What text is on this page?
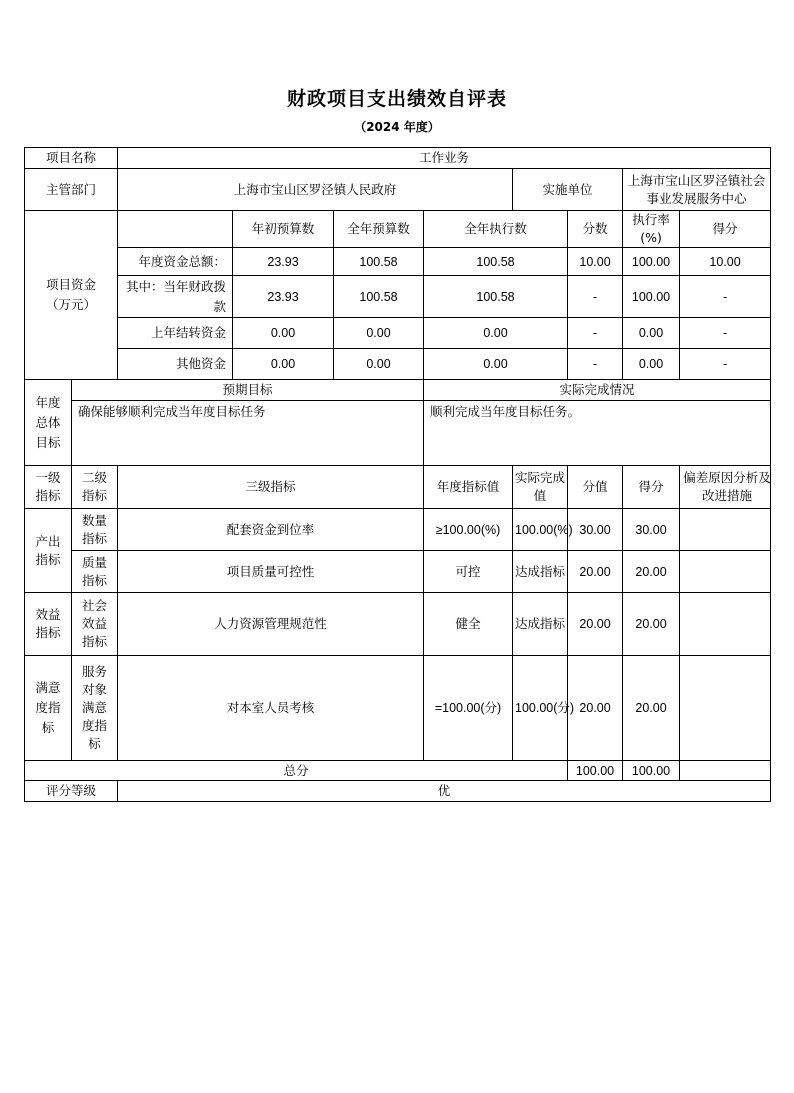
财政项目支出绩效自评表
（2024 年度）
项目名称		工作业务							
主管部门		上海市宝山区罗泾镇人民政府				实施单位		上海市宝山区罗泾镇社会事业发展服务中心	
项目资金（万元）			年初预算数	全年预算数	全年执行数		分数	执行率(%)	得分
		年度资金总额：	23.93	100.58	100.58		10.00	100.00	10.00
		其中：当年财政拨款	23.93	100.58	100.58		-	100.00	-
		上年结转资金	0.00	0.00	0.00		-	0.00	-
		其他资金	0.00	0.00	0.00		-	0.00	-
年度总体目标	预期目标				实际完成情况				
	确保能够顺利完成当年度目标任务				顺利完成当年度目标任务。				
一级指标	二级指标	三级指标			年度指标值	实际完成值	分值	得分	偏差原因分析及改进措施
产出指标	数量指标	配套资金到位率			≥100.00(%)	100.00(%)	30.00	30.00	
	质量指标	项目质量可控性			可控	达成指标	20.00	20.00	
效益指标	社会效益指标	人力资源管理规范性			健全	达成指标	20.00	20.00	
满意度指标	服务对象满意度指标	对本室人员考核			=100.00(分)	100.00(分)	20.00	20.00	
总分							100.00	100.00	
评分等级		优							
